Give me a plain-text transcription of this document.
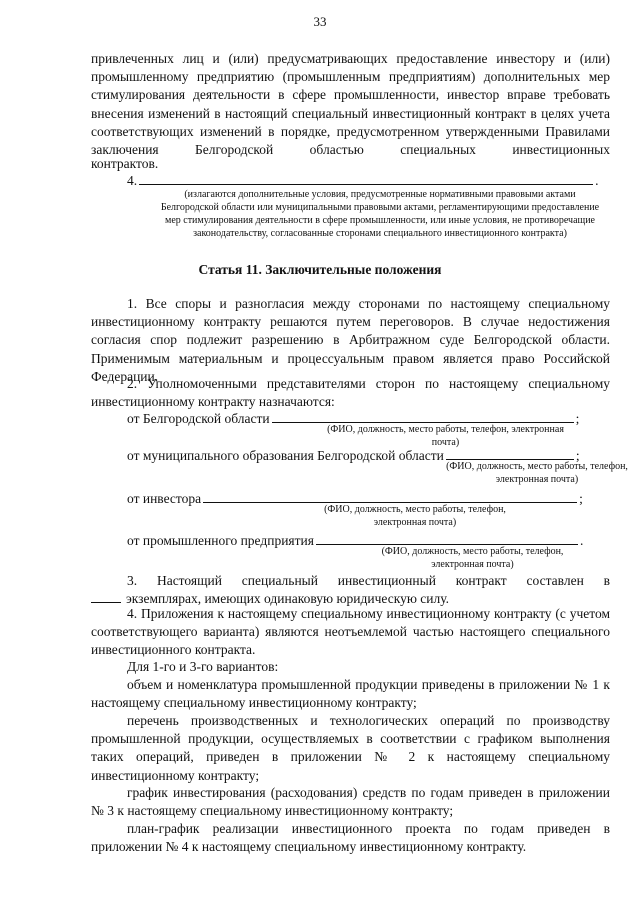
33
привлеченных лиц и (или) предусматривающих предоставление инвестору и (или) промышленному предприятию (промышленным предприятиям) дополнительных мер стимулирования деятельности в сфере промышленности, инвестор вправе требовать внесения изменений в настоящий специальный инвестиционный контракт в целях учета соответствующих изменений в порядке, предусмотренном утвержденными Правилами заключения Белгородской областью специальных инвестиционных
контрактов.
4.	.
(излагаются дополнительные условия, предусмотренные нормативными правовыми актами Белгородской области или муниципальными правовыми актами, регламентирующими предоставление мер стимулирования деятельности в сфере промышленности, или иные условия, не противоречащие законодательству, согласованные сторонами специального инвестиционного контракта)
Статья 11. Заключительные положения
1. Все споры и разногласия между сторонами по настоящему специальному инвестиционному контракту решаются путем переговоров. В случае недостижения согласия спор подлежит разрешению в Арбитражном суде Белгородской области. Применимым материальным и процессуальным правом является право Российской Федерации.
2. Уполномоченными представителями сторон по настоящему специальному инвестиционному контракту назначаются:
от Белгородской области	;
(ФИО, должность, место работы, телефон, электронная почта)
от муниципального образования Белгородской области	;
(ФИО, должность, место работы, телефон, электронная почта)
от инвестора	;
(ФИО, должность, место работы, телефон, электронная почта)
от промышленного предприятия	.
(ФИО, должность, место работы, телефон, электронная почта)
3. Настоящий специальный инвестиционный контракт составлен в
экземплярах, имеющих одинаковую юридическую силу.
4. Приложения к настоящему специальному инвестиционному контракту (с учетом соответствующего варианта) являются неотъемлемой частью настоящего специального инвестиционного контракта.
Для 1-го и 3-го вариантов:
объем и номенклатура промышленной продукции приведены в приложении № 1 к настоящему специальному инвестиционному контракту;
перечень производственных и технологических операций по производству промышленной продукции, осуществляемых в соответствии с графиком выполнения таких операций, приведен в приложении № 2 к настоящему специальному инвестиционному контракту;
график инвестирования (расходования) средств по годам приведен в приложении № 3 к настоящему специальному инвестиционному контракту;
план-график реализации инвестиционного проекта по годам приведен в приложении № 4 к настоящему специальному инвестиционному контракту.
